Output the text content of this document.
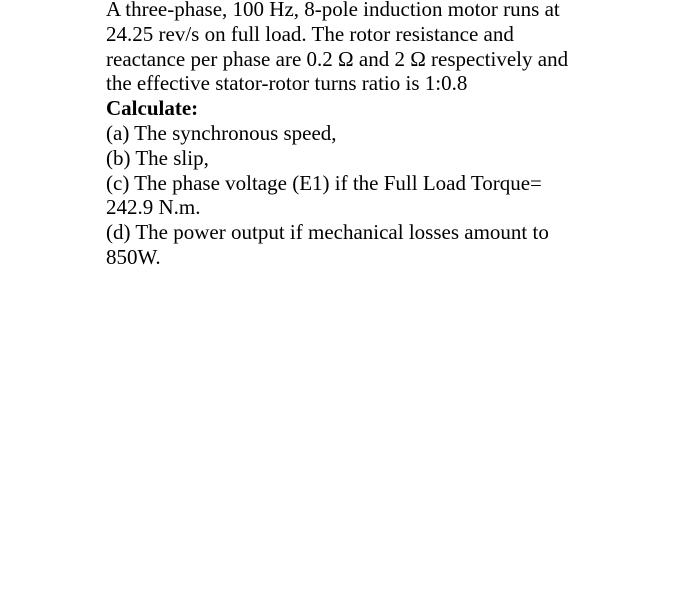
A three-phase, 100 Hz, 8-pole induction motor runs at
24.25 rev/s on full load. The rotor resistance and
reactance per phase are 0.2 Ω and 2 Ω respectively and
the effective stator-rotor turns ratio is 1:0.8

Calculate:

(a) The synchronous speed,

(b) The slip,

(c) The phase voltage (E1) if the Full Load Torque=
242.9 N.m.

(d) The power output if mechanical losses amount to
850W.
